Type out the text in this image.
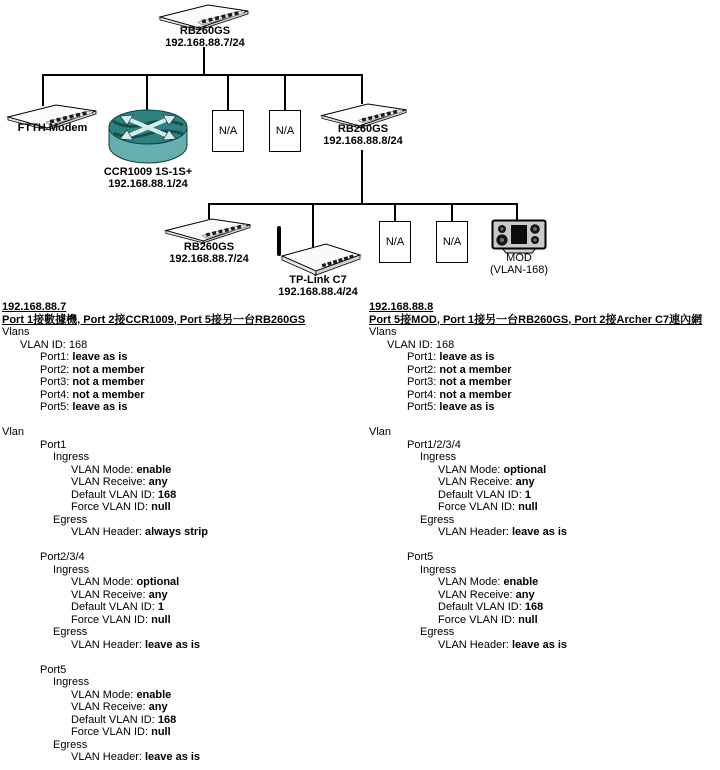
RB260GS
192.168.88.7/24
FTTH Modem
CCR1009 1S-1S+
192.168.88.1/24
N/A	N/A	RB260GS
192.168.88.8/24
RB260GS
192.168.88.7/24
TP-Link C7
192.168.88.4/24
N/A	N/A
MOD
(VLAN-168)
192.168.88.7
Port 1接數據機, Port 2接CCR1009, Port 5接另一台RB260GS
Vlans
VLAN ID: 168
Port1: leave as is
Port2: not a member
Port3: not a member
Port4: not a member
Port5: leave as is
Vlan
Port1
Ingress
VLAN Mode: enable
VLAN Receive: any
Default VLAN ID: 168
Force VLAN ID: null
Egress
VLAN Header: always strip
Port2/3/4
Ingress
VLAN Mode: optional
VLAN Receive: any
Default VLAN ID: 1
Force VLAN ID: null
Egress
VLAN Header: leave as is
Port5
Ingress
VLAN Mode: enable
VLAN Receive: any
Default VLAN ID: 168
Force VLAN ID: null
Egress
VLAN Header: leave as is
192.168.88.8
Port 5接MOD, Port 1接另一台RB260GS, Port 2接Archer C7連內網
Vlans
VLAN ID: 168
Port1: leave as is
Port2: not a member
Port3: not a member
Port4: not a member
Port5: leave as is
Vlan
Port1/2/3/4
Ingress
VLAN Mode: optional
VLAN Receive: any
Default VLAN ID: 1
Force VLAN ID: null
Egress
VLAN Header: leave as is
Port5
Ingress
VLAN Mode: enable
VLAN Receive: any
Default VLAN ID: 168
Force VLAN ID: null
Egress
VLAN Header: leave as is
